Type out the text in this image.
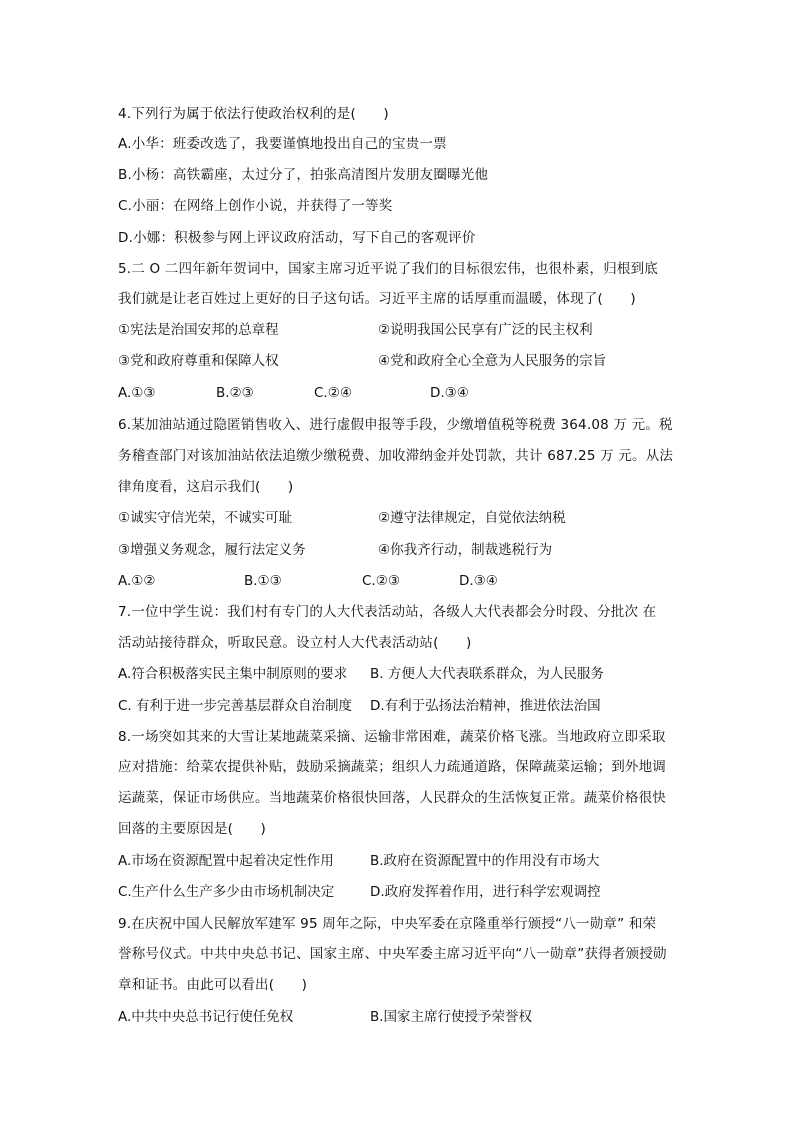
4.下列行为属于依法行使政治权利的是(　　)
A.小华：班委改选了，我要谨慎地投出自己的宝贵一票
B.小杨：高铁霸座，太过分了，拍张高清图片发朋友圈曝光他
C.小丽：在网络上创作小说，并获得了一等奖
D.小娜：积极参与网上评议政府活动，写下自己的客观评价
5.二 O 二四年新年贺词中，国家主席习近平说了我们的目标很宏伟，也很朴素，归根到底
我们就是让老百姓过上更好的日子这句话。习近平主席的话厚重而温暖，体现了(　　)
①宪法是治国安邦的总章程	②说明我国公民享有广泛的民主权利
③党和政府尊重和保障人权	④党和政府全心全意为人民服务的宗旨
A.①③	B.②③	C.②④	D.③④
6.某加油站通过隐匿销售收入、进行虚假申报等手段，少缴增值税等税费 364.08 万 元。税
务稽查部门对该加油站依法追缴少缴税费、加收滞纳金并处罚款，共计 687.25 万 元。从法
律角度看，这启示我们(　　)
①诚实守信光荣，不诚实可耻	②遵守法律规定，自觉依法纳税
③增强义务观念，履行法定义务	④你我齐行动，制裁逃税行为
A.①②	B.①③	C.②③	D.③④
7.一位中学生说：我们村有专门的人大代表活动站，各级人大代表都会分时段、分批次 在
活动站接待群众，听取民意。设立村人大代表活动站(　　)
A.符合积极落实民主集中制原则的要求 B. 方便人大代表联系群众，为人民服务
C. 有利于进一步完善基层群众自治制度 D.有利于弘扬法治精神，推进依法治国
8.一场突如其来的大雪让某地蔬菜采摘、运输非常困难，蔬菜价格飞涨。当地政府立即采取
应对措施：给菜农提供补贴，鼓励采摘蔬菜；组织人力疏通道路，保障蔬菜运输；到外地调
运蔬菜，保证市场供应。当地蔬菜价格很快回落，人民群众的生活恢复正常。蔬菜价格很快
回落的主要原因是(　　)
A.市场在资源配置中起着决定性作用	B.政府在资源配置中的作用没有市场大
C.生产什么生产多少由市场机制决定	D.政府发挥着作用，进行科学宏观调控
9.在庆祝中国人民解放军建军 95 周年之际，中央军委在京隆重举行颁授“八一勋章” 和荣
誉称号仪式。中共中央总书记、国家主席、中央军委主席习近平向“八一勋章”获得者颁授勋
章和证书。由此可以看出(　　)
A.中共中央总书记行使任免权	B.国家主席行使授予荣誉权
